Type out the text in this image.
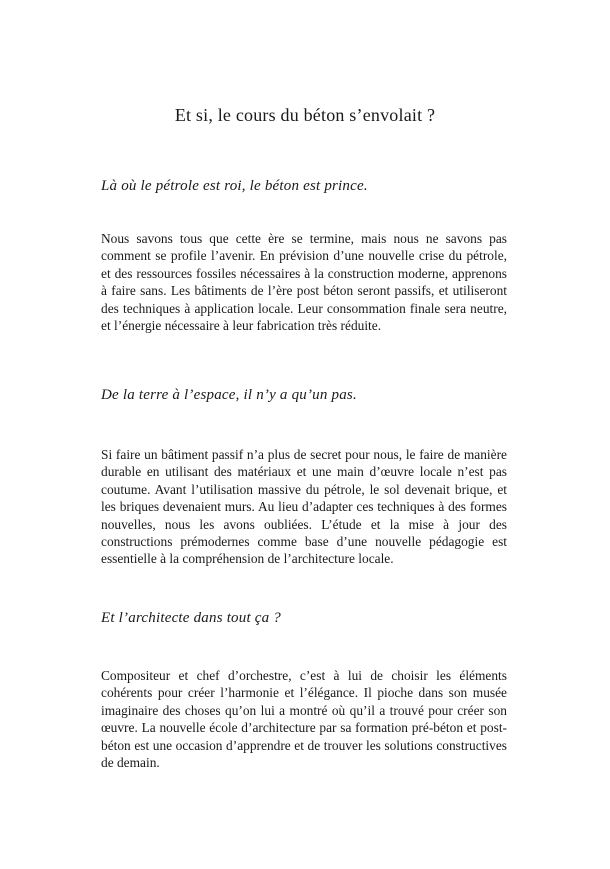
Et si, le cours du béton s’envolait ?
Là où le pétrole est roi, le béton est prince.

Nous savons tous que cette ère se termine, mais nous ne savons pas comment se profile l’avenir. En prévision d’une nouvelle crise du pétrole, et des ressources fossiles nécessaires à la construction moderne, apprenons à faire sans. Les bâtiments de l’ère post béton seront passifs, et utiliseront des techniques à application locale. Leur consommation finale sera neutre, et l’énergie nécessaire à leur fabrication très réduite.

De la terre à l’espace, il n’y a qu’un pas.

Si faire un bâtiment passif n’a plus de secret pour nous, le faire de manière durable en utilisant des matériaux et une main d’œuvre locale n’est pas coutume. Avant l’utilisation massive du pétrole, le sol devenait brique, et les briques devenaient murs. Au lieu d’adapter ces techniques à des formes nouvelles, nous les avons oubliées. L’étude et la mise à jour des constructions prémodernes comme base d’une nouvelle pédagogie est essentielle à la compréhension de l’architecture locale.

Et l’architecte dans tout ça ?

Compositeur et chef d’orchestre, c’est à lui de choisir les éléments cohérents pour créer l’harmonie et l’élégance. Il pioche dans son musée imaginaire des choses qu’on lui a montré où qu’il a trouvé pour créer son œuvre. La nouvelle école d’architecture par sa formation pré-béton et post-béton est une occasion d’apprendre et de trouver les solutions constructives de demain.
